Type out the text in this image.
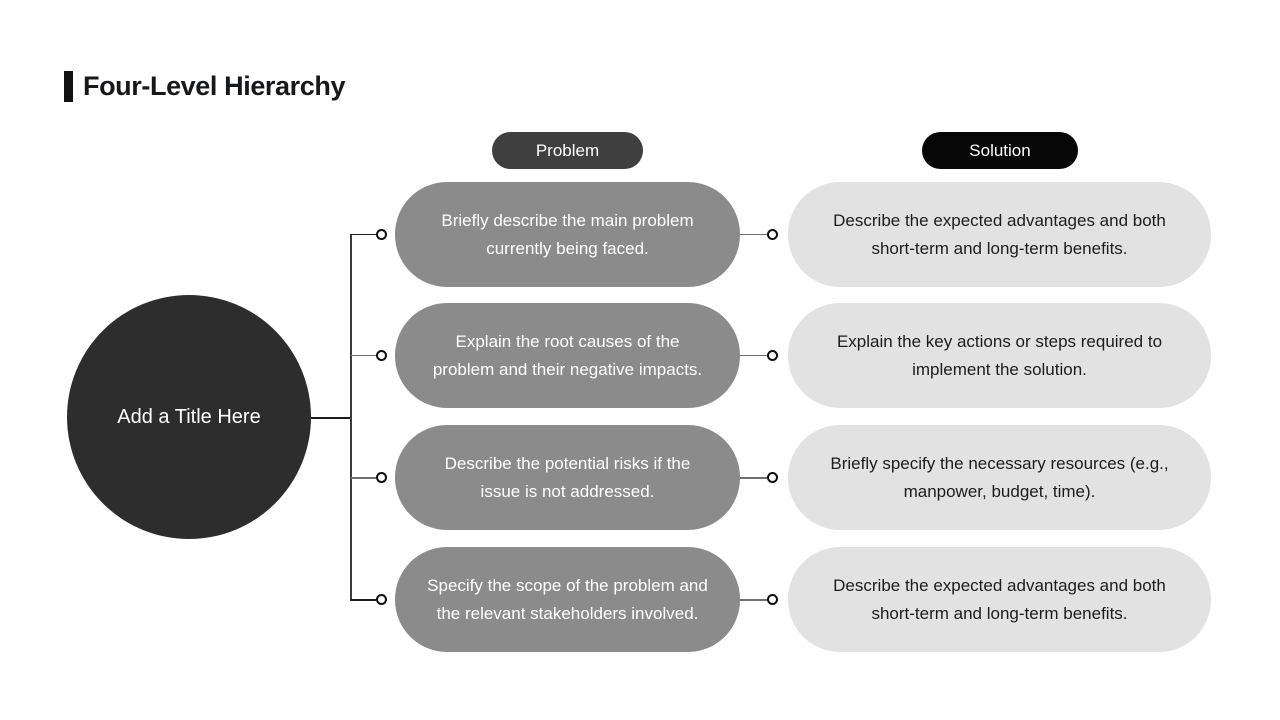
Four-Level Hierarchy
Add a Title Here
Problem	Solution
Briefly describe the main problem currently being faced.
Describe the expected advantages and both short-term and long-term benefits.
Explain the root causes of the problem and their negative impacts.
Explain the key actions or steps required to implement the solution.
Describe the potential risks if the issue is not addressed.
Briefly specify the necessary resources (e.g., manpower, budget, time).
Specify the scope of the problem and the relevant stakeholders involved.
Describe the expected advantages and both short-term and long-term benefits.
